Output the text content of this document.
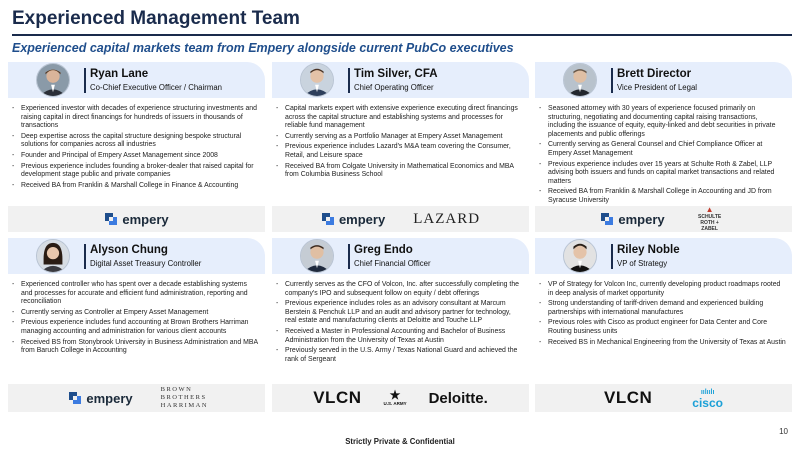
Experienced Management Team
Experienced capital markets team from Empery alongside current PubCo executives
Ryan Lane
Co-Chief Executive Officer / Chairman
- Experienced investor with decades of experience structuring investments and raising capital in direct financings for hundreds of issuers in thousands of transactions
- Deep expertise across the capital structure designing bespoke structural solutions for companies across all industries
- Founder and Principal of Empery Asset Management since 2008
- Previous experience includes founding a broker-dealer that raised capital for development stage public and private companies
- Received BA from Franklin & Marshall College in Finance & Accounting
Tim Silver, CFA
Chief Operating Officer
- Capital markets expert with extensive experience executing direct financings across the capital structure and establishing systems and processes for reliable fund management
- Currently serving as a Portfolio Manager at Empery Asset Management
- Previous experience includes Lazard's M&A team covering the Consumer, Retail, and Leisure space
- Received BA from Colgate University in Mathematical Economics and MBA from Columbia Business School
Brett Director
Vice President of Legal
- Seasoned attorney with 30 years of experience focused primarily on structuring, negotiating and documenting capital raising transactions, including the issuance of equity, equity-linked and debt securities in private placements and public offerings
- Currently serving as General Counsel and Chief Compliance Officer at Empery Asset Management
- Previous experience includes over 15 years at Schulte Roth & Zabel, LLP advising both issuers and funds on capital market transactions and related matters
- Received BA from Franklin & Marshall College in Accounting and JD from Syracuse University
empery	empery LAZARD	empery
▲
SCHULTE ROTH + ZABEL
Alyson Chung
Digital Asset Treasury Controller
- Experienced controller who has spent over a decade establishing systems and processes for accurate and efficient fund administration, reporting and reconciliation
- Currently serving as Controller at Empery Asset Management
- Previous experience includes fund accounting at Brown Brothers Harriman managing accounting and administration for various client accounts
- Received BS from Stonybrook University in Business Administration and MBA from Baruch College in Accounting
Greg Endo
Chief Financial Officer
- Currently serves as the CFO of Volcon, Inc. after successfully completing the company's IPO and subsequent follow on equity / debt offerings
- Previous experience includes roles as an advisory consultant at Marcum Berstein & Penchuk LLP and an audit and advisory partner for technology, real estate and manufacturing clients at Deloitte and Touche LLP
- Received a Master in Professional Accounting and Bachelor of Business Administration from the University of Texas at Austin
- Previously served in the U.S. Army / Texas National Guard and achieved the rank of Sergeant
Riley Noble
VP of Strategy
- VP of Strategy for Volcon Inc, currently developing product roadmaps rooted in deep analysis of market opportunity
- Strong understanding of tariff-driven demand and experienced building partnerships with international manufactures
- Previous roles with Cisco as product engineer for Data Center and Core Routing business units
- Received BS in Mechanical Engineering from the University of Texas at Austin
empery
BROWN BROTHERS HARRIMAN	VLCN	★
U.S. ARMY Deloitte.	VLCN	ıılıılı
cisco
10
Strictly Private & Confidential
